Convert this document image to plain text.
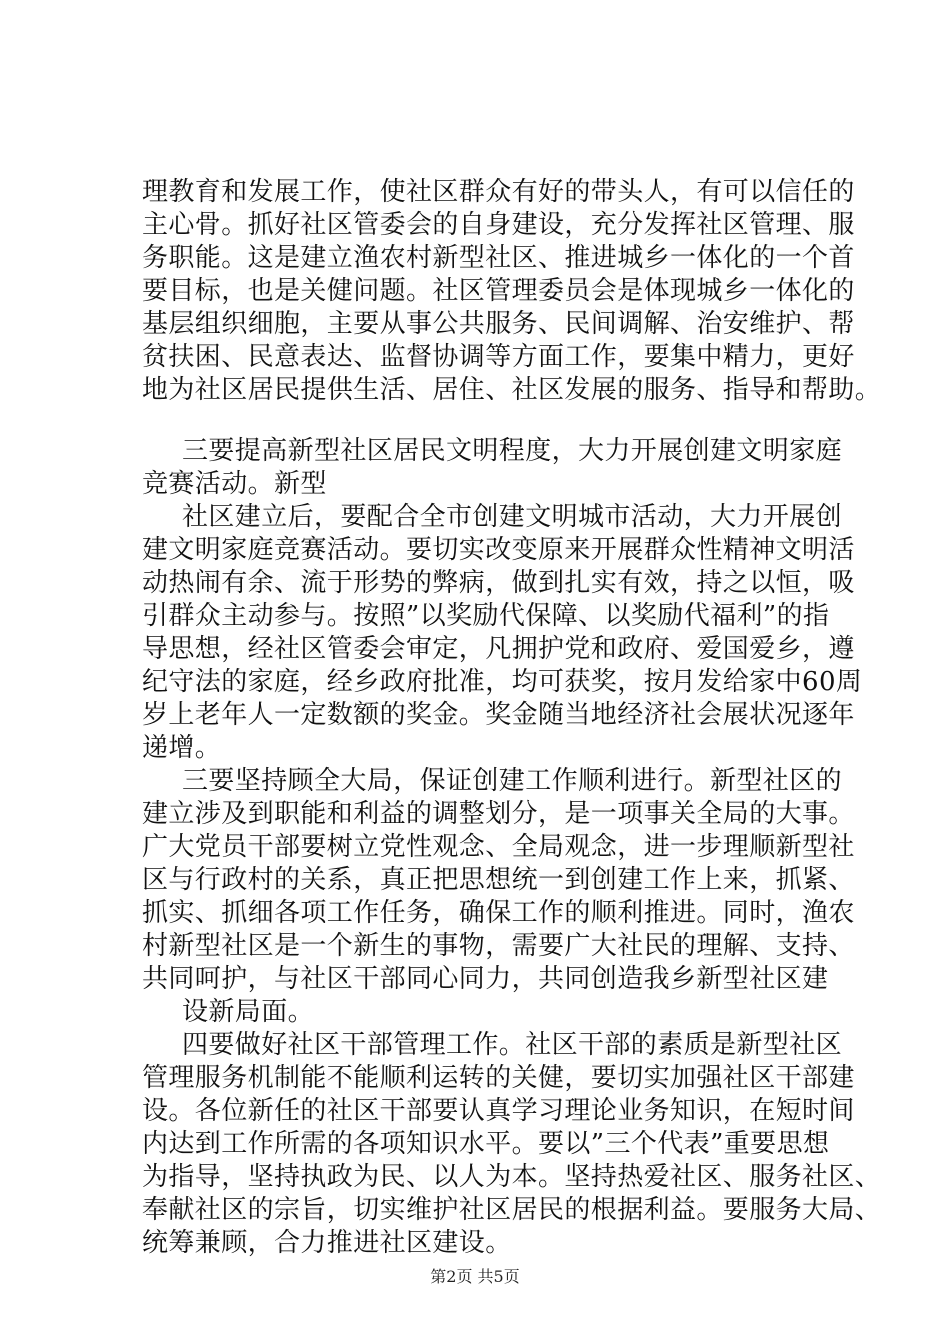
理教育和发展工作，使社区群众有好的带头人，有可以信任的
主心骨。抓好社区管委会的自身建设，充分发挥社区管理、服
务职能。这是建立渔农村新型社区、推进城乡一体化的一个首
要目标，也是关健问题。社区管理委员会是体现城乡一体化的
基层组织细胞，主要从事公共服务、民间调解、治安维护、帮
贫扶困、民意表达、监督协调等方面工作，要集中精力，更好
地为社区居民提供生活、居住、社区发展的服务、指导和帮助。
三要提高新型社区居民文明程度，大力开展创建文明家庭
竞赛活动。新型
社区建立后，要配合全市创建文明城市活动，大力开展创
建文明家庭竞赛活动。要切实改变原来开展群众性精神文明活
动热闹有余、流于形势的弊病，做到扎实有效，持之以恒，吸
引群众主动参与。按照”以奖励代保障、以奖励代福利”的指
导思想，经社区管委会审定，凡拥护党和政府、爱国爱乡，遵
纪守法的家庭，经乡政府批准，均可获奖，按月发给家中60周
岁上老年人一定数额的奖金。奖金随当地经济社会展状况逐年
递增。
三要坚持顾全大局，保证创建工作顺利进行。新型社区的
建立涉及到职能和利益的调整划分，是一项事关全局的大事。
广大党员干部要树立党性观念、全局观念，进一步理顺新型社
区与行政村的关系，真正把思想统一到创建工作上来，抓紧、
抓实、抓细各项工作任务，确保工作的顺利推进。同时，渔农
村新型社区是一个新生的事物，需要广大社民的理解、支持、
共同呵护，与社区干部同心同力，共同创造我乡新型社区建
设新局面。
四要做好社区干部管理工作。社区干部的素质是新型社区
管理服务机制能不能顺利运转的关健，要切实加强社区干部建
设。各位新任的社区干部要认真学习理论业务知识，在短时间
内达到工作所需的各项知识水平。要以”三个代表”重要思想
为指导，坚持执政为民、以人为本。坚持热爱社区、服务社区、
奉献社区的宗旨，切实维护社区居民的根据利益。要服务大局、
统筹兼顾，合力推进社区建设。
第2页 共5页
